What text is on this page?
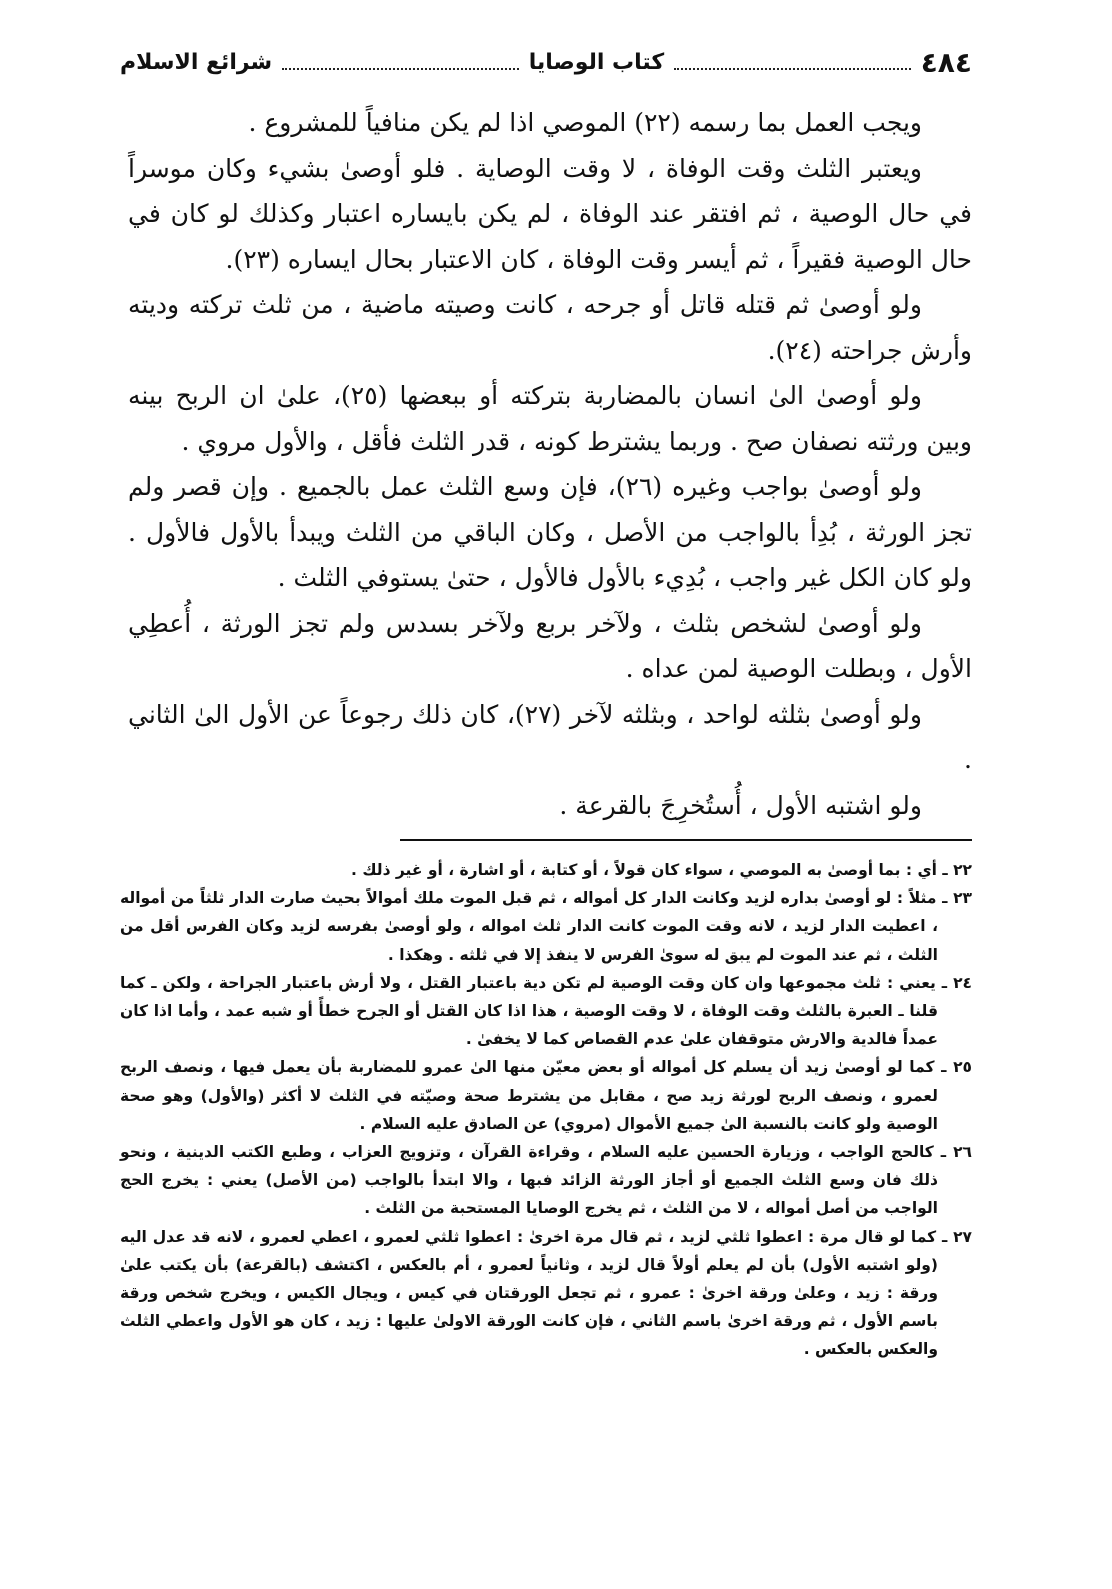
٤٨٤
كتاب الوصايا
شرائع الاسلام

ويجب العمل بما رسمه (٢٢) الموصي اذا لم يكن منافياً للمشروع .

ويعتبر الثلث وقت الوفاة ، لا وقت الوصاية . فلو أوصىٰ بشيء وكان موسراً في حال الوصية ، ثم افتقر عند الوفاة ، لم يكن بايساره اعتبار وكذلك لو كان في حال الوصية فقيراً ، ثم أيسر وقت الوفاة ، كان الاعتبار بحال ايساره (٢٣).

ولو أوصىٰ ثم قتله قاتل أو جرحه ، كانت وصيته ماضية ، من ثلث تركته وديته وأرش جراحته (٢٤).

ولو أوصىٰ الىٰ انسان بالمضاربة بتركته أو ببعضها (٢٥)، علىٰ ان الربح بينه وبين ورثته نصفان صح . وربما يشترط كونه ، قدر الثلث فأقل ، والأول مروي .

ولو أوصىٰ بواجب وغيره (٢٦)، فإن وسع الثلث عمل بالجميع . وإن قصر ولم تجز الورثة ، بُدِأ بالواجب من الأصل ، وكان الباقي من الثلث ويبدأ بالأول فالأول . ولو كان الكل غير واجب ، بُدِيء بالأول فالأول ، حتىٰ يستوفي الثلث .

ولو أوصىٰ لشخص بثلث ، ولآخر بربع ولآخر بسدس ولم تجز الورثة ، أُعطِي الأول ، وبطلت الوصية لمن عداه .

ولو أوصىٰ بثلثه لواحد ، وبثلثه لآخر (٢٧)، كان ذلك رجوعاً عن الأول الىٰ الثاني .

ولو اشتبه الأول ، أُستُخرِجَ بالقرعة .

٢٢ ـ أي : بما أوصىٰ به الموصي ، سواء كان قولاً ، أو كتابة ، أو اشارة ، أو غير ذلك .

٢٣ ـ مثلاً : لو أوصىٰ بداره لزيد وكانت الدار كل أمواله ، ثم قبل الموت ملك أموالاً بحيث صارت الدار ثلثاً من أمواله ، اعطيت الدار لزيد ، لانه وقت الموت كانت الدار ثلث امواله ، ولو أوصىٰ بفرسه لزيد وكان الفرس أقل من الثلث ، ثم عند الموت لم يبق له سوىٰ الفرس لا ينفذ إلا في ثلثه . وهكذا .

٢٤ ـ يعني : ثلث مجموعها وان كان وقت الوصية لم تكن دية باعتبار القتل ، ولا أرش باعتبار الجراحة ، ولكن ـ كما قلنا ـ العبرة بالثلث وقت الوفاة ، لا وقت الوصية ، هذا اذا كان القتل أو الجرح خطأً أو شبه عمد ، وأما اذا كان عمداً فالدية والارش متوقفان علىٰ عدم القصاص كما لا يخفىٰ .

٢٥ ـ كما لو أوصىٰ زيد أن يسلم كل أمواله أو بعض معيّن منها الىٰ عمرو للمضاربة بأن يعمل فيها ، ونصف الربح لعمرو ، ونصف الربح لورثة زيد صح ، مقابل من يشترط صحة وصيّته في الثلث لا أكثر (والأول) وهو صحة الوصية ولو كانت بالنسبة الىٰ جميع الأموال (مروي) عن الصادق عليه السلام .

٢٦ ـ كالحج الواجب ، وزيارة الحسين عليه السلام ، وقراءة القرآن ، وتزويج العزاب ، وطبع الكتب الدينية ، ونحو ذلك فان وسع الثلث الجميع أو أجاز الورثة الزائد فبها ، والا ابتدأ بالواجب (من الأصل) يعني : يخرج الحج الواجب من أصل أمواله ، لا من الثلث ، ثم يخرج الوصايا المستحبة من الثلث .

٢٧ ـ كما لو قال مرة : اعطوا ثلثي لزيد ، ثم قال مرة اخرىٰ : اعطوا ثلثي لعمرو ، اعطي لعمرو ، لانه قد عدل اليه (ولو اشتبه الأول) بأن لم يعلم أولاً قال لزيد ، وثانياً لعمرو ، أم بالعكس ، اكتشف (بالقرعة) بأن يكتب علىٰ ورقة : زيد ، وعلىٰ ورقة اخرىٰ : عمرو ، ثم تجعل الورقتان في كيس ، ويجال الكيس ، ويخرج شخص ورقة باسم الأول ، ثم ورقة اخرىٰ باسم الثاني ، فإن كانت الورقة الاولىٰ عليها : زيد ، كان هو الأول واعطي الثلث والعكس بالعكس .
